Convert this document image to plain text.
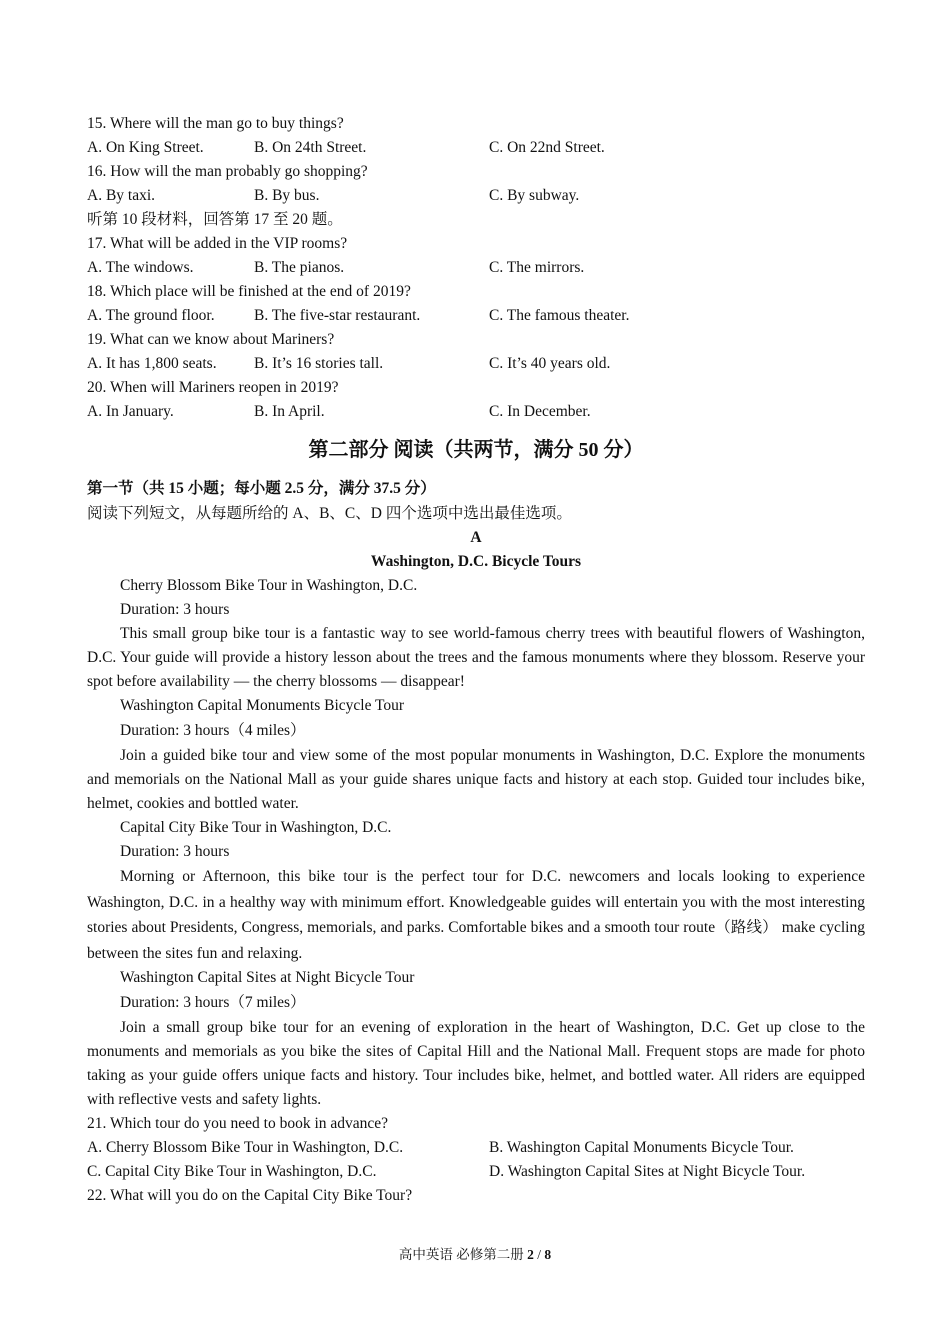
15. Where will the man go to buy things?
A. On King Street.	B. On 24th Street.	C. On 22nd Street.
16. How will the man probably go shopping?
A. By taxi.	B. By bus.	C. By subway.
听第 10 段材料，回答第 17 至 20 题。
17. What will be added in the VIP rooms?
A. The windows.	B. The pianos.	C. The mirrors.
18. Which place will be finished at the end of 2019?
A. The ground floor.	B. The five-star restaurant.	C. The famous theater.
19. What can we know about Mariners?
A. It has 1,800 seats. B. It’s 16 stories tall.	C. It’s 40 years old.
20. When will Mariners reopen in 2019?
A. In January.	B. In April.	C. In December.
第二部分 阅读（共两节，满分 50 分）
第一节（共 15 小题；每小题 2.5 分，满分 37.5 分）
阅读下列短文，从每题所给的 A、B、C、D 四个选项中选出最佳选项。
A
Washington, D.C. Bicycle Tours
Cherry Blossom Bike Tour in Washington, D.C.
Duration: 3 hours

This small group bike tour is a fantastic way to see world-famous cherry trees with beautiful flowers of Washington, D.C. Your guide will provide a history lesson about the trees and the famous monuments where they blossom. Reserve your spot before availability — the cherry blossoms — disappear!

Washington Capital Monuments Bicycle Tour
Duration: 3 hours（4 miles）

Join a guided bike tour and view some of the most popular monuments in Washington, D.C. Explore the monuments and memorials on the National Mall as your guide shares unique facts and history at each stop. Guided tour includes bike, helmet, cookies and bottled water.

Capital City Bike Tour in Washington, D.C.
Duration: 3 hours

Morning or Afternoon, this bike tour is the perfect tour for D.C. newcomers and locals looking to experience Washington, D.C. in a healthy way with minimum effort. Knowledgeable guides will entertain you with the most interesting stories about Presidents, Congress, memorials, and parks. Comfortable bikes and a smooth tour route（路线） make cycling between the sites fun and relaxing.

Washington Capital Sites at Night Bicycle Tour
Duration: 3 hours（7 miles）

Join a small group bike tour for an evening of exploration in the heart of Washington, D.C. Get up close to the monuments and memorials as you bike the sites of Capital Hill and the National Mall. Frequent stops are made for photo taking as your guide offers unique facts and history. Tour includes bike, helmet, and bottled water. All riders are equipped with reflective vests and safety lights.

21. Which tour do you need to book in advance?
A. Cherry Blossom Bike Tour in Washington, D.C.	B. Washington Capital Monuments Bicycle Tour.
C. Capital City Bike Tour in Washington, D.C.	D. Washington Capital Sites at Night Bicycle Tour.
22. What will you do on the Capital City Bike Tour?
高中英语 必修第二册 2 / 8
